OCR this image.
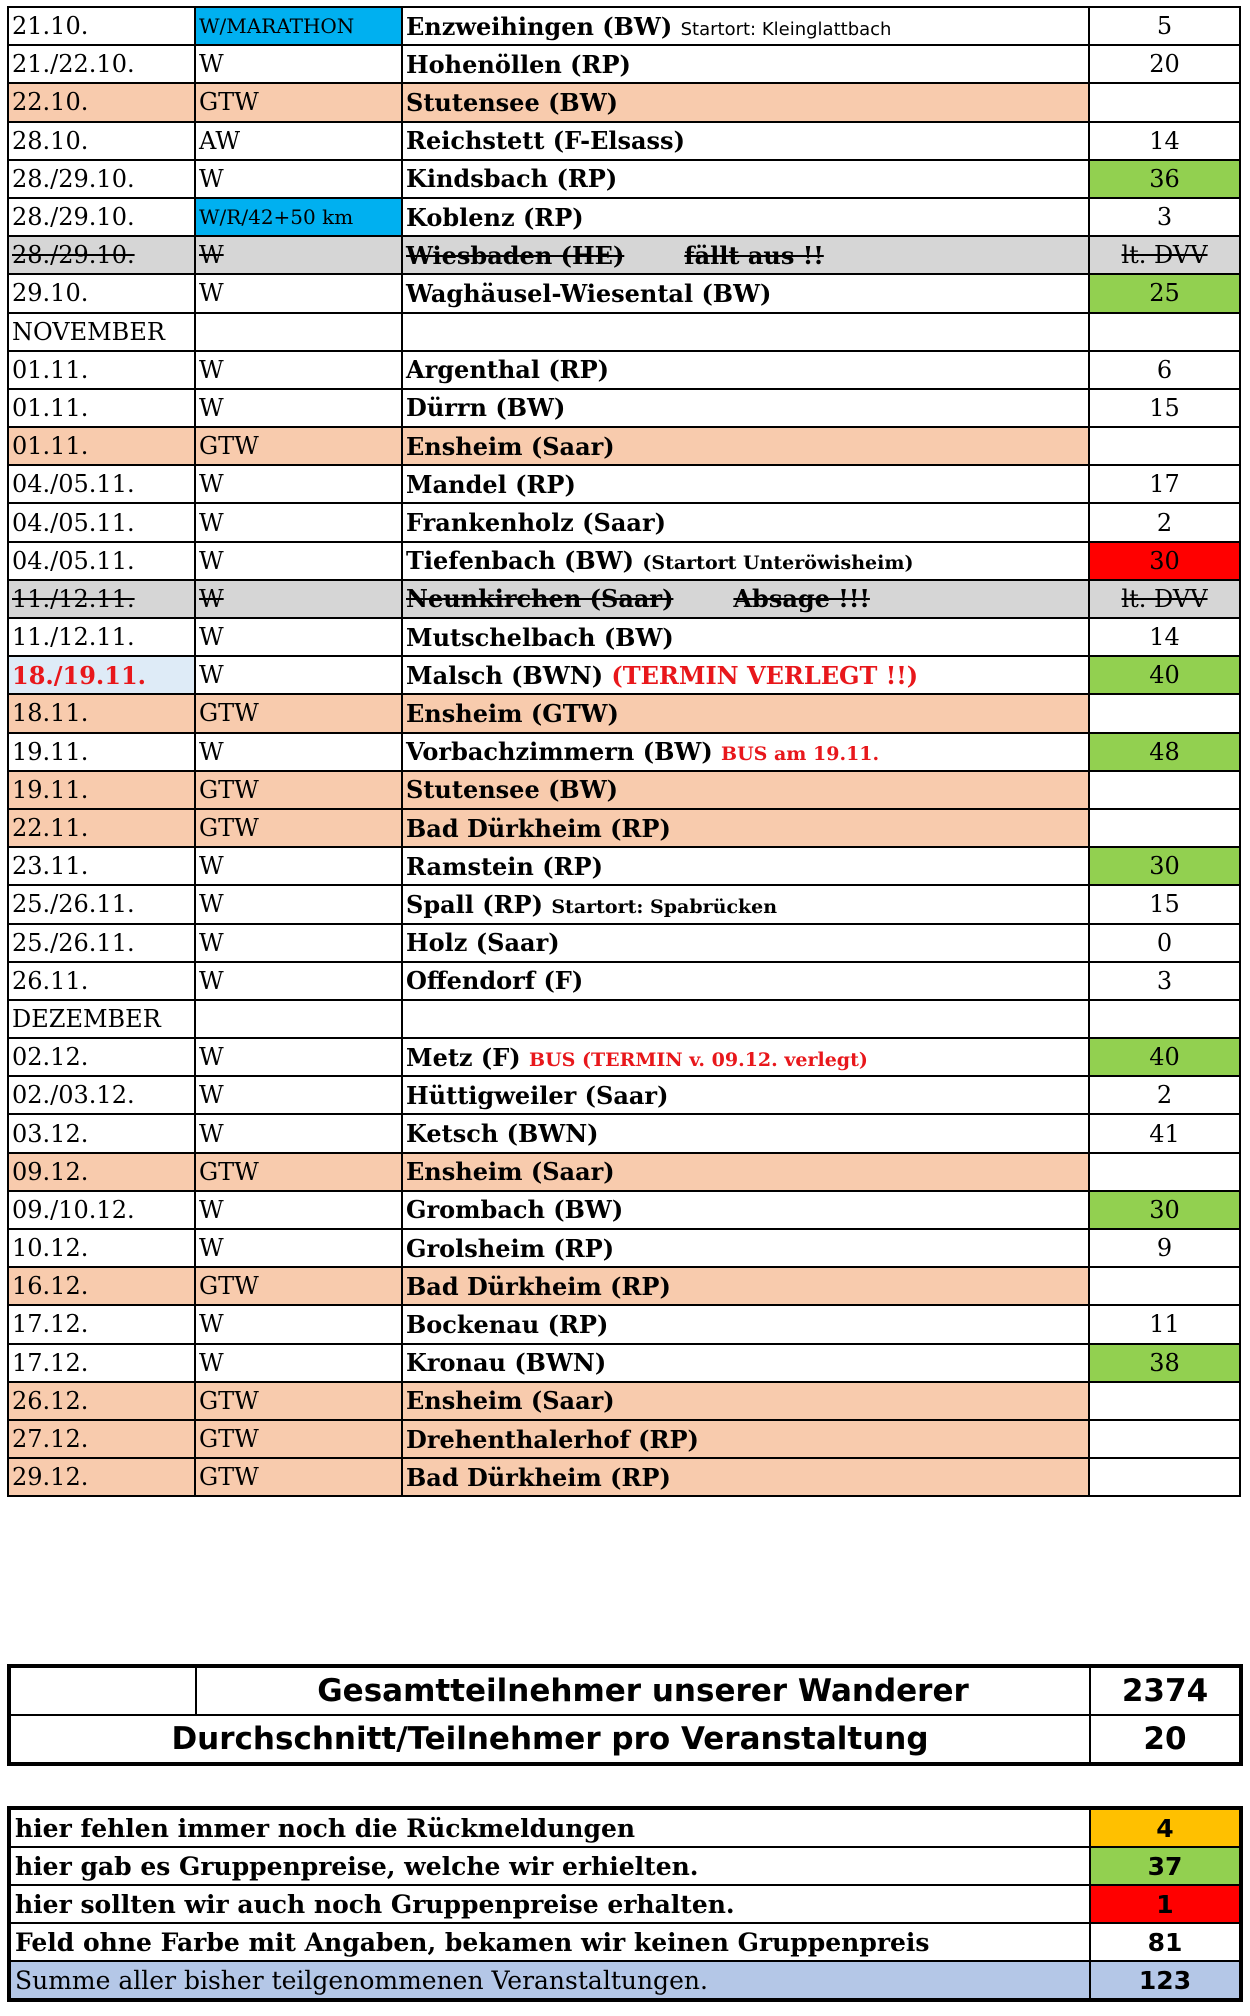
21.10.	W/MARATHON	Enzweihingen (BW) Startort: Kleinglattbach	5
21./22.10.	W	Hohenöllen (RP)	20
22.10.	GTW	Stutensee (BW)	
28.10.	AW	Reichstett (F-Elsass)	14
28./29.10.	W	Kindsbach (RP)	36
28./29.10.	W/R/42+50 km	Koblenz (RP)	3
28./29.10.	W	Wiesbaden (HE) fällt aus !!	lt. DVV
29.10.	W	Waghäusel-Wiesental (BW)	25
NOVEMBER			
01.11.	W	Argenthal (RP)	6
01.11.	W	Dürrn (BW)	15
01.11.	GTW	Ensheim (Saar)	
04./05.11.	W	Mandel (RP)	17
04./05.11.	W	Frankenholz (Saar)	2
04./05.11.	W	Tiefenbach (BW) (Startort Unteröwisheim)	30
11./12.11.	W	Neunkirchen (Saar) Absage !!!	lt. DVV
11./12.11.	W	Mutschelbach (BW)	14
18./19.11.	W	Malsch (BWN) (TERMIN VERLEGT !!)	40
18.11.	GTW	Ensheim (GTW)	
19.11.	W	Vorbachzimmern (BW) BUS am 19.11.	48
19.11.	GTW	Stutensee (BW)	
22.11.	GTW	Bad Dürkheim (RP)	
23.11.	W	Ramstein (RP)	30
25./26.11.	W	Spall (RP) Startort: Spabrücken	15
25./26.11.	W	Holz (Saar)	0
26.11.	W	Offendorf (F)	3
DEZEMBER			
02.12.	W	Metz (F) BUS (TERMIN v. 09.12. verlegt)	40
02./03.12.	W	Hüttigweiler (Saar)	2
03.12.	W	Ketsch (BWN)	41
09.12.	GTW	Ensheim (Saar)	
09./10.12.	W	Grombach (BW)	30
10.12.	W	Grolsheim (RP)	9
16.12.	GTW	Bad Dürkheim (RP)	
17.12.	W	Bockenau (RP)	11
17.12.	W	Kronau (BWN)	38
26.12.	GTW	Ensheim (Saar)	
27.12.	GTW	Drehenthalerhof (RP)	
29.12.	GTW	Bad Dürkheim (RP)	
	Gesamtteilnehmer unserer Wanderer	2374
Durchschnitt/Teilnehmer pro Veranstaltung		20
hier fehlen immer noch die Rückmeldungen	4
hier gab es Gruppenpreise, welche wir erhielten.	37
hier sollten wir auch noch Gruppenpreise erhalten.	1
Feld ohne Farbe mit Angaben, bekamen wir keinen Gruppenpreis	81
Summe aller bisher teilgenommenen Veranstaltungen.	123
